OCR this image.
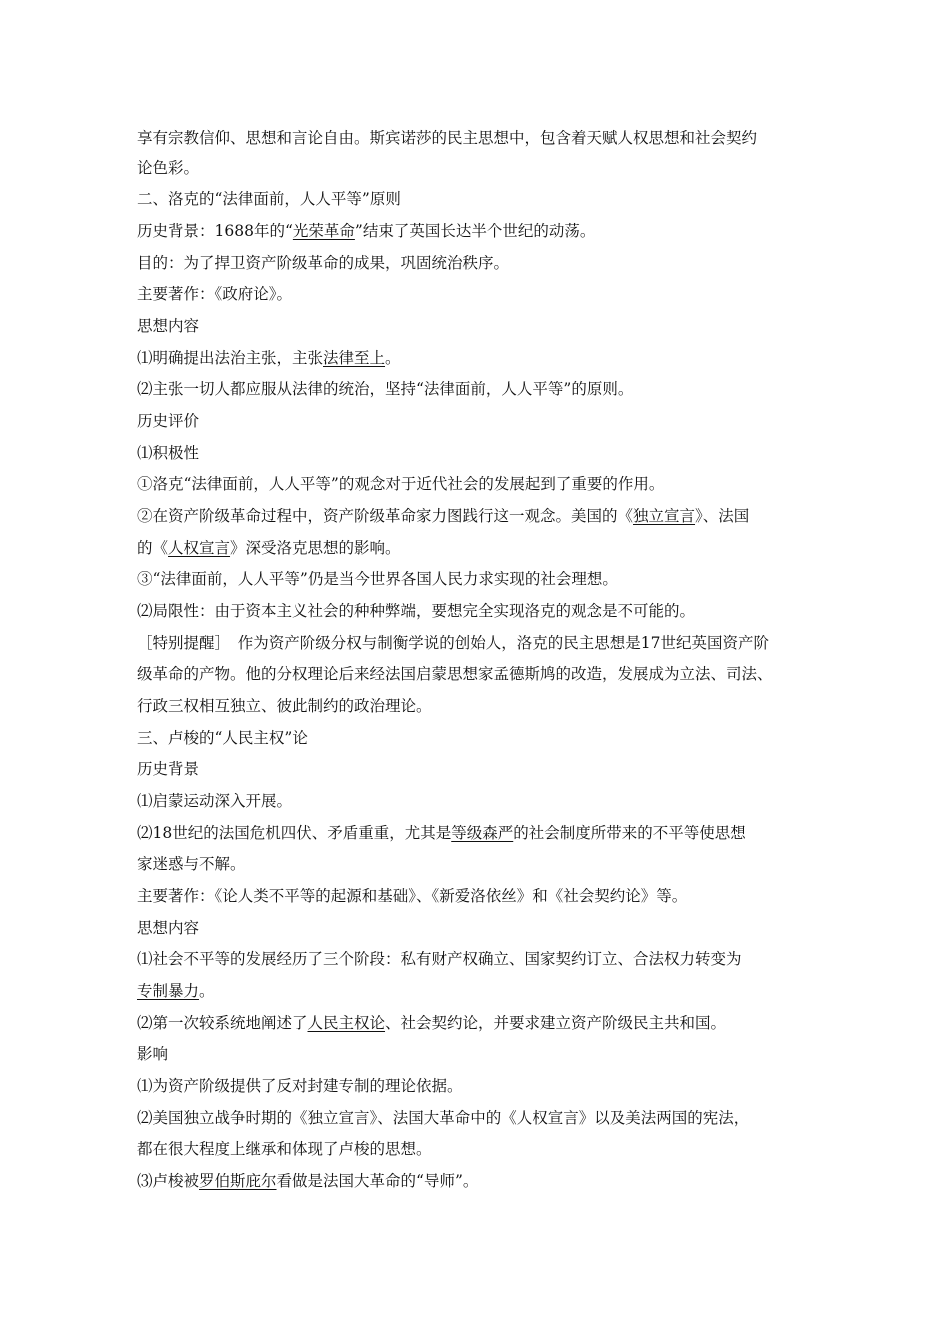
享有宗教信仰、思想和言论自由。斯宾诺莎的民主思想中，包含着天赋人权思想和社会契约
论色彩。
二、洛克的“法律面前，人人平等”原则
历史背景：1688年的“光荣革命”结束了英国长达半个世纪的动荡。
目的：为了捍卫资产阶级革命的成果，巩固统治秩序。
主要著作：《政府论》。
思想内容
⑴明确提出法治主张，主张法律至上。
⑵主张一切人都应服从法律的统治，坚持“法律面前，人人平等”的原则。
历史评价
⑴积极性
①洛克“法律面前，人人平等”的观念对于近代社会的发展起到了重要的作用。
②在资产阶级革命过程中，资产阶级革命家力图践行这一观念。美国的《独立宣言》、法国
的《人权宣言》深受洛克思想的影响。
③“法律面前，人人平等”仍是当今世界各国人民力求实现的社会理想。
⑵局限性：由于资本主义社会的种种弊端，要想完全实现洛克的观念是不可能的。
［特别提醒］　作为资产阶级分权与制衡学说的创始人，洛克的民主思想是17世纪英国资产阶
级革命的产物。他的分权理论后来经法国启蒙思想家孟德斯鸠的改造，发展成为立法、司法、
行政三权相互独立、彼此制约的政治理论。
三、卢梭的“人民主权”论
历史背景
⑴启蒙运动深入开展。
⑵18世纪的法国危机四伏、矛盾重重，尤其是等级森严的社会制度所带来的不平等使思想
家迷惑与不解。
主要著作：《论人类不平等的起源和基础》、《新爱洛依丝》和《社会契约论》等。
思想内容
⑴社会不平等的发展经历了三个阶段：私有财产权确立、国家契约订立、合法权力转变为
专制暴力。
⑵第一次较系统地阐述了人民主权论、社会契约论，并要求建立资产阶级民主共和国。
影响
⑴为资产阶级提供了反对封建专制的理论依据。
⑵美国独立战争时期的《独立宣言》、法国大革命中的《人权宣言》以及美法两国的宪法，
都在很大程度上继承和体现了卢梭的思想。
⑶卢梭被罗伯斯庇尔看做是法国大革命的“导师”。
